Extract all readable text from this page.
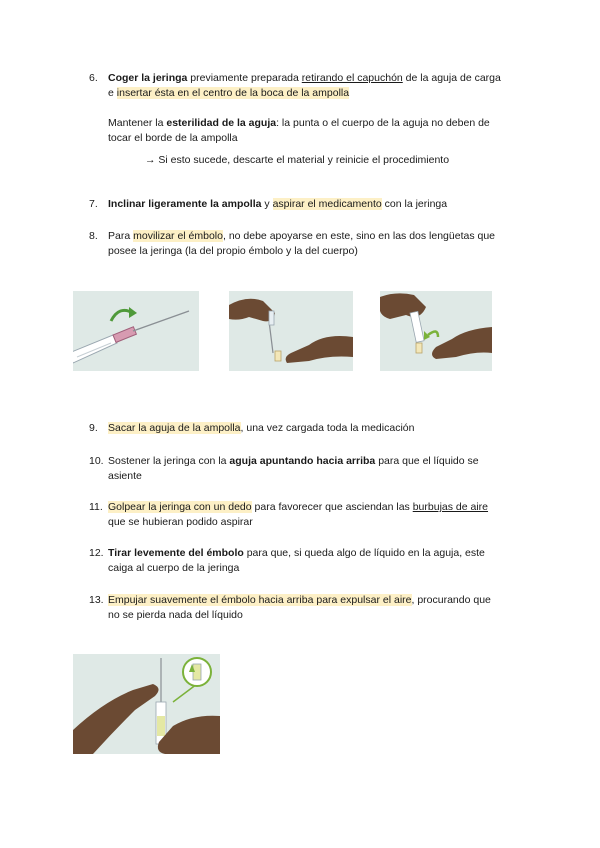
6. Coger la jeringa previamente preparada retirando el capuchón de la aguja de carga
e insertar ésta en el centro de la boca de la ampolla
Mantener la esterilidad de la aguja: la punta o el cuerpo de la aguja no deben de
tocar el borde de la ampolla
→ Si esto sucede, descarte el material y reinicie el procedimiento
7. Inclinar ligeramente la ampolla y aspirar el medicamento con la jeringa
8. Para movilizar el émbolo, no debe apoyarse en este, sino en las dos lengüetas que
posee la jeringa (la del propio émbolo y la del cuerpo)
9. Sacar la aguja de la ampolla, una vez cargada toda la medicación
10. Sostener la jeringa con la aguja apuntando hacia arriba para que el líquido se
asiente
11. Golpear la jeringa con un dedo para favorecer que asciendan las burbujas de aire
que se hubieran podido aspirar
12. Tirar levemente del émbolo para que, si queda algo de líquido en la aguja, este
caiga al cuerpo de la jeringa
13. Empujar suavemente el émbolo hacia arriba para expulsar el aire, procurando que
no se pierda nada del líquido
